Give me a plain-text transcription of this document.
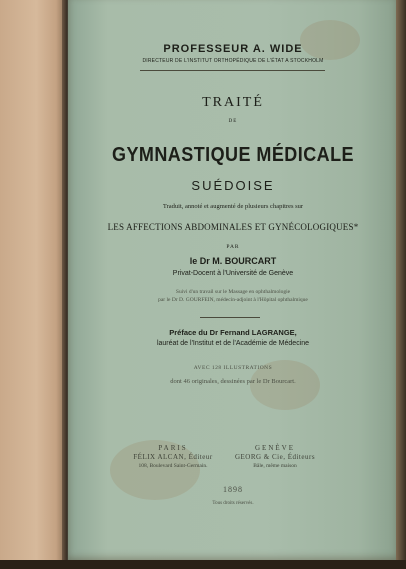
PROFESSEUR A. WIDE
DIRECTEUR DE L'INSTITUT ORTHOPÉDIQUE DE L'ÉTAT A STOCKHOLM
TRAITÉ
DE
GYMNASTIQUE MÉDICALE
SUÉDOISE
Traduit, annoté et augmenté de plusieurs chapitres sur
LES AFFECTIONS ABDOMINALES ET GYNÉCOLOGIQUES*
PAR
le Dr M. BOURCART
Privat-Docent à l'Université de Genève
Suivi d'un travail sur le Massage en ophthalmologie
par le Dr D. GOURFEIN, médecin-adjoint à l'Hôpital ophthalmique
Préface du Dr Fernand LAGRANGE,
lauréat de l'Institut et de l'Académie de Médecine
AVEC 128 ILLUSTRATIONS
dont 46 originales, dessinées par le Dr Bourcart.
PARIS
FÉLIX ALCAN, Éditeur
108, Boulevard Saint-Germain.
GENÈVE
GEORG & Cie, Éditeurs
Bâle, même maison
1898
Tous droits réservés.
